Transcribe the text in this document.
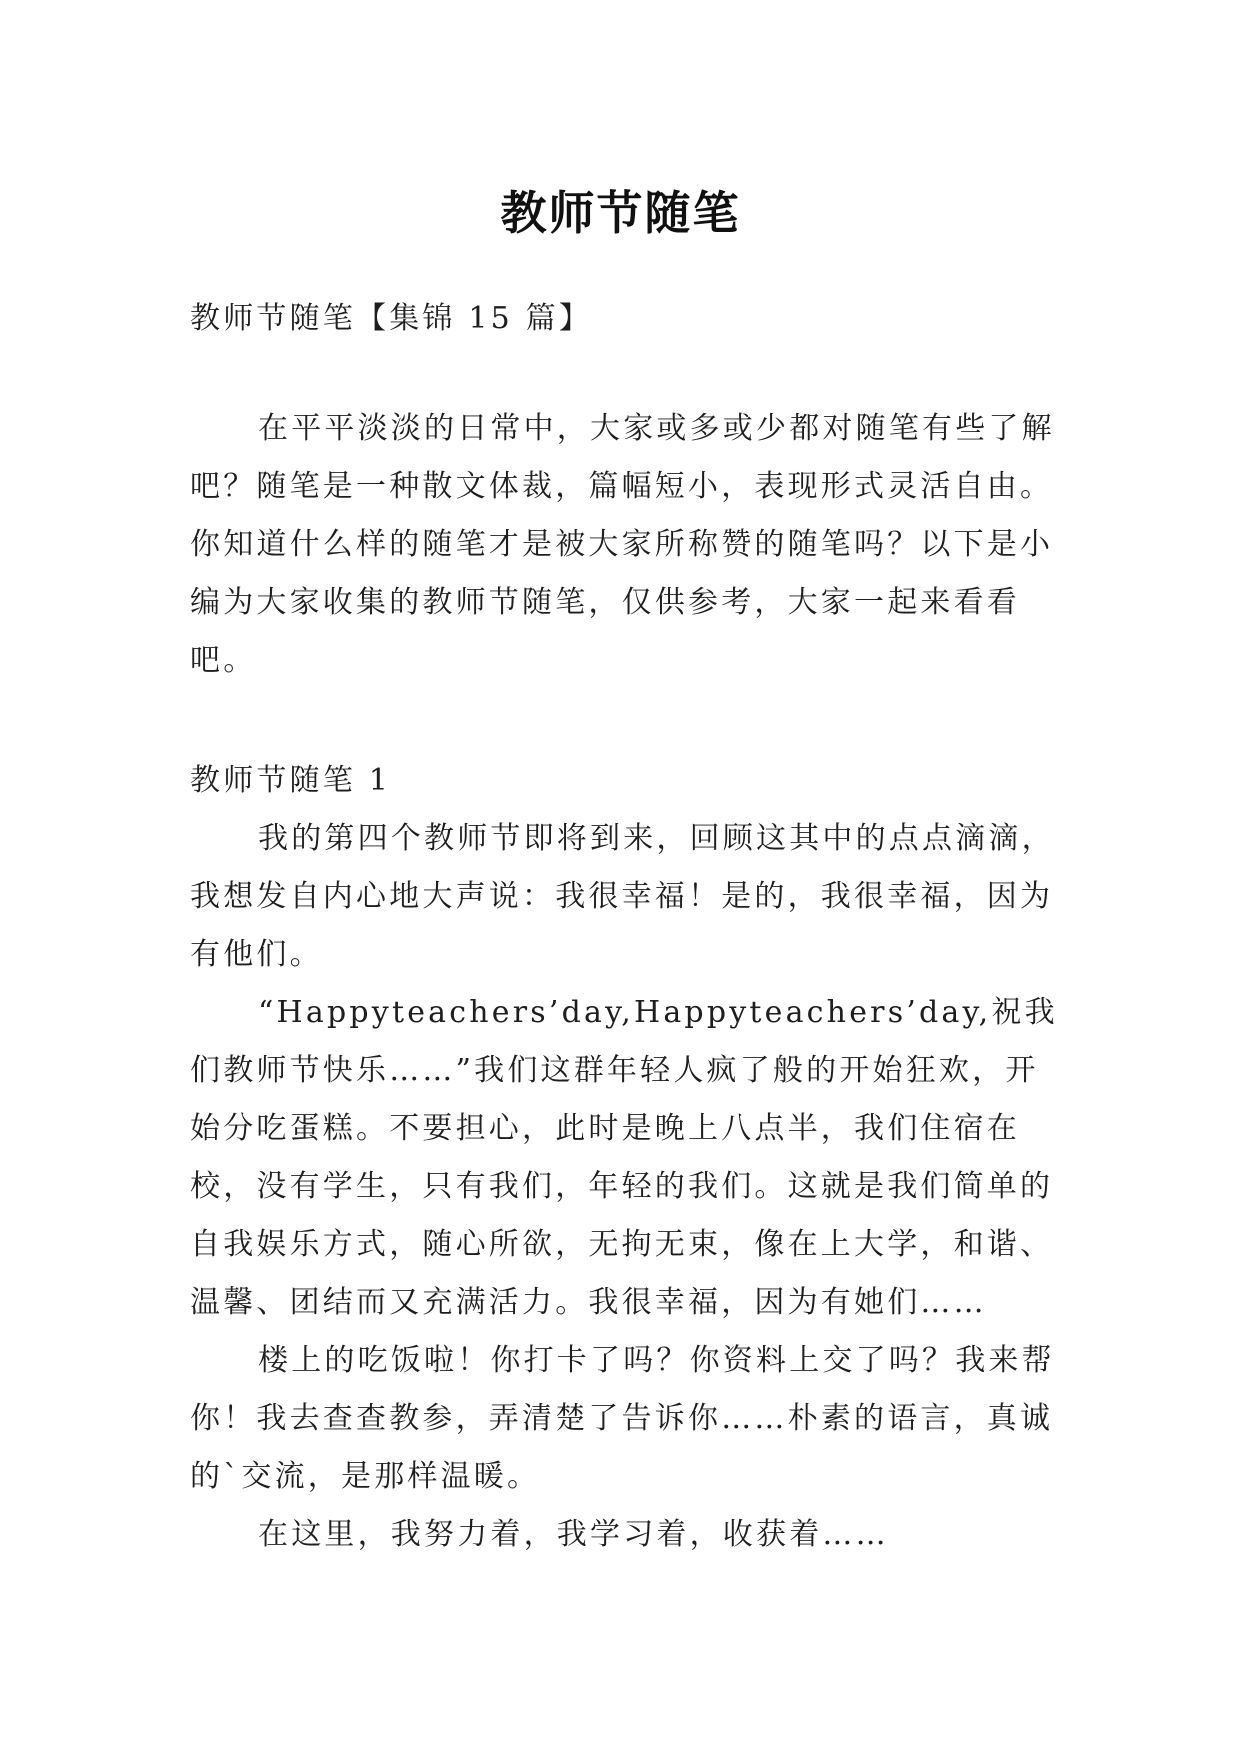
教师节随笔

教师节随笔【集锦 15 篇】

在平平淡淡的日常中，大家或多或少都对随笔有些了解吧？随笔是一种散文体裁，篇幅短小，表现形式灵活自由。你知道什么样的随笔才是被大家所称赞的随笔吗？以下是小编为大家收集的教师节随笔，仅供参考，大家一起来看看吧。

教师节随笔 1

我的第四个教师节即将到来，回顾这其中的点点滴滴，我想发自内心地大声说：我很幸福！是的，我很幸福，因为有他们。

“Happyteachers’day,Happyteachers’day,祝我们教师节快乐……”我们这群年轻人疯了般的开始狂欢，开始分吃蛋糕。不要担心，此时是晚上八点半，我们住宿在校，没有学生，只有我们，年轻的我们。这就是我们简单的自我娱乐方式，随心所欲，无拘无束，像在上大学，和谐、温馨、团结而又充满活力。我很幸福，因为有她们……

楼上的吃饭啦！你打卡了吗？你资料上交了吗？我来帮你！我去查查教参，弄清楚了告诉你……朴素的语言，真诚的`交流，是那样温暖。

在这里，我努力着，我学习着，收获着……
